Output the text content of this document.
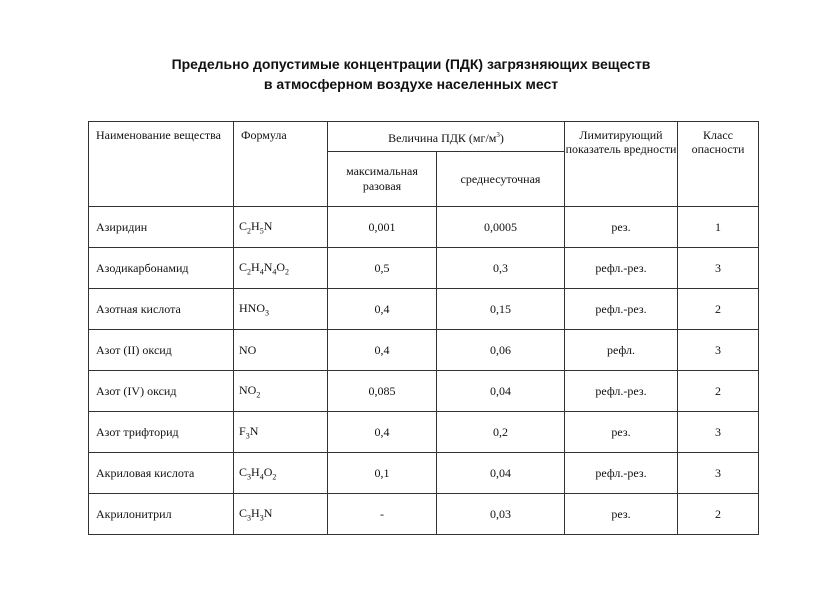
Предельно допустимые концентрации (ПДК) загрязняющих веществ
в атмосферном воздухе населенных мест
Наименование вещества	Формула	Величина ПДК $(мг/м^3)$		Лимитирующий показатель вредности	Класс опасности
		максимальная разовая	среднесуточная		
Азиридин	$C_2H_5N$	0,001	0,0005	рез.	1
Азодикарбонамид	$C_2H_4N_4O_2$	0,5	0,3	рефл.-рез.	3
Азотная кислота	$HNO_3$	0,4	0,15	рефл.-рез.	2
Азот (II) оксид	NO	0,4	0,06	рефл.	3
Азот (IV) оксид	$NO_2$	0,085	0,04	рефл.-рез.	2
Азот трифторид	$F_3N$	0,4	0,2	рез.	3
Акриловая кислота	$C_3H_4O_2$	0,1	0,04	рефл.-рез.	3
Акрилонитрил	$C_3H_3N$	-	0,03	рез.	2
